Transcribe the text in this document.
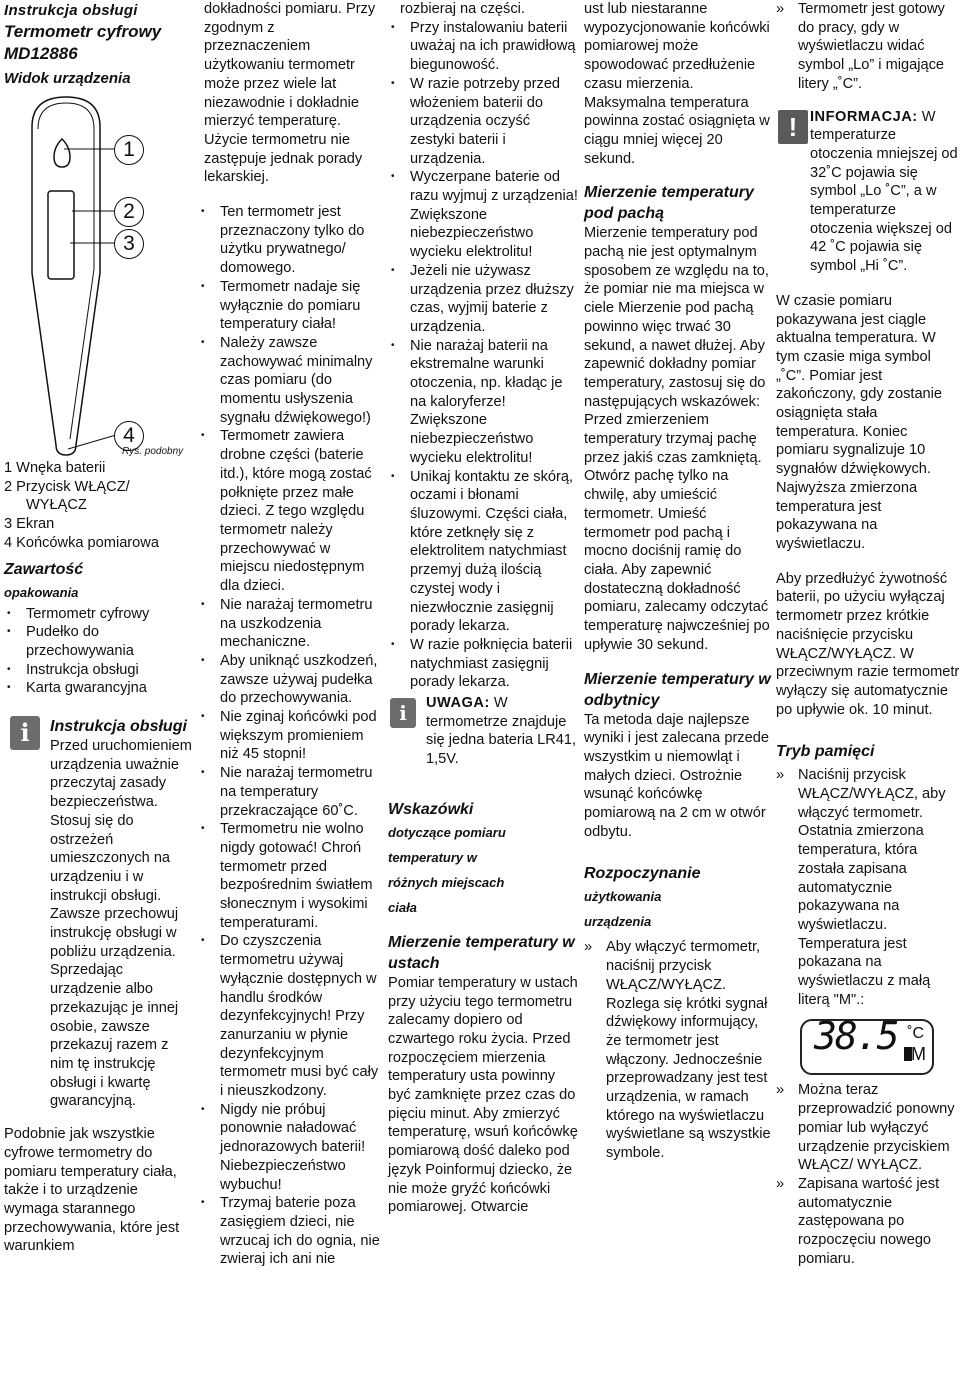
Instrukcja obsługi

Termometr cyfrowy

MD12886

Widok urządzenia

1
2
3
4
Rys. podobny

1 Wnęka baterii

2 Przycisk WŁĄCZ/

WYŁĄCZ

3 Ekran

4 Końcówka pomiarowa

Zawartość

opakowania

• Termometr cyfrowy
• Pudełko do przechowywania
• Instrukcja obsługi
• Karta gwarancyjna
i	Instrukcja obsługi

Przed uruchomieniem urządzenia uważnie przeczytaj zasady bezpieczeństwa. Stosuj się do ostrzeżeń umieszczonych na urządzeniu i w instrukcji obsługi. Zawsze przechowuj instrukcję obsługi w pobliżu urządzenia. Sprzedając urządzenie albo przekazując je innej osobie, zawsze przekazuj razem z nim tę instrukcję obsługi i kwartę gwarancyjną.

Podobnie jak wszystkie cyfrowe termometry do pomiaru temperatury ciała, także i to urządzenie wymaga starannego przechowywania, które jest warunkiem

dokładności pomiaru. Przy zgodnym z przeznaczeniem użytkowaniu termometr może przez wiele lat niezawodnie i dokładnie mierzyć temperaturę. Użycie termometru nie zastępuje jednak porady lekarskiej.

• Ten termometr jest przeznaczony tylko do użytku prywatnego/ domowego.
• Termometr nadaje się wyłącznie do pomiaru temperatury ciała!
• Należy zawsze zachowywać minimalny czas pomiaru (do momentu usłyszenia sygnału dźwiękowego!)
• Termometr zawiera drobne części (baterie itd.), które mogą zostać połknięte przez małe dzieci. Z tego względu termometr należy przechowywać w miejscu niedostępnym dla dzieci.
• Nie narażaj termometru na uszkodzenia mechaniczne.
• Aby uniknąć uszkodzeń, zawsze używaj pudełka do przechowywania.
• Nie zginaj końcówki pod większym promieniem niż 45 stopni!
• Nie narażaj termometru na temperatury przekraczające 60˚C.
• Termometru nie wolno nigdy gotować! Chroń termometr przed bezpośrednim światłem słonecznym i wysokimi temperaturami.
• Do czyszczenia termometru używaj wyłącznie dostępnych w handlu środków dezynfekcyjnych! Przy zanurzaniu w płynie dezynfekcyjnym termometr musi być cały i nieuszkodzony.
• Nigdy nie próbuj ponownie naładować jednorazowych baterii! Niebezpieczeństwo wybuchu!
• Trzymaj baterie poza zasięgiem dzieci, nie wrzucaj ich do ognia, nie zwieraj ich ani nie

rozbieraj na części.

• Przy instalowaniu baterii uważaj na ich prawidłową biegunowość.
• W razie potrzeby przed włożeniem baterii do urządzenia oczyść zestyki baterii i urządzenia.
• Wyczerpane baterie od razu wyjmuj z urządzenia! Zwiększone niebezpieczeństwo wycieku elektrolitu!
• Jeżeli nie używasz urządzenia przez dłuższy czas, wyjmij baterie z urządzenia.
• Nie narażaj baterii na ekstremalne warunki otoczenia, np. kładąc je na kaloryferze! Zwiększone niebezpieczeństwo wycieku elektrolitu!
• Unikaj kontaktu ze skórą, oczami i błonami śluzowymi. Części ciała, które zetknęły się z elektrolitem natychmiast przemyj dużą ilością czystej wody i niezwłocznie zasięgnij porady lekarza.
• W razie połknięcia baterii natychmiast zasięgnij porady lekarza.
i	UWAGA: W termometrze znajduje się jedna bateria LR41, 1,5V.

Wskazówki

dotyczące pomiaru

temperatury w

różnych miejscach

ciała

Mierzenie temperatury w ustach

Pomiar temperatury w ustach przy użyciu tego termometru zalecamy dopiero od czwartego roku życia. Przed rozpoczęciem mierzenia temperatury usta powinny być zamknięte przez czas do pięciu minut. Aby zmierzyć temperaturę, wsuń końcówkę pomiarową dość daleko pod język Poinformuj dziecko, że nie może gryźć końcówki pomiarowej. Otwarcie

ust lub niestaranne wypozycjonowanie końcówki pomiarowej może spowodować przedłużenie czasu mierzenia. Maksymalna temperatura powinna zostać osiągnięta w ciągu mniej więcej 20 sekund.

Mierzenie temperatury pod pachą

Mierzenie temperatury pod pachą nie jest optymalnym sposobem ze względu na to, że pomiar nie ma miejsca w ciele Mierzenie pod pachą powinno więc trwać 30 sekund, a nawet dłużej. Aby zapewnić dokładny pomiar temperatury, zastosuj się do następujących wskazówek: Przed zmierzeniem temperatury trzymaj pachę przez jakiś czas zamkniętą. Otwórz pachę tylko na chwilę, aby umieścić termometr. Umieść termometr pod pachą i mocno dociśnij ramię do ciała. Aby zapewnić dostateczną dokładność pomiaru, zalecamy odczytać temperaturę najwcześniej po upływie 30 sekund.

Mierzenie temperatury w odbytnicy

Ta metoda daje najlepsze wyniki i jest zalecana przede wszystkim u niemowląt i małych dzieci. Ostrożnie wsunąć końcówkę pomiarową na 2 cm w otwór odbytu.

Rozpoczynanie

użytkowania

urządzenia

» Aby włączyć termometr, naciśnij przycisk WŁĄCZ/WYŁĄCZ. Rozlega się krótki sygnał dźwiękowy informujący, że termometr jest włączony. Jednocześnie przeprowadzany jest test urządzenia, w ramach którego na wyświetlaczu wyświetlane są wszystkie symbole.
» Termometr jest gotowy do pracy, gdy w wyświetlaczu widać symbol „Lo” i migające litery „˚C”.
! INFORMACJA: W temperaturze otoczenia mniejszej od 32˚C pojawia się symbol „Lo ˚C”, a w temperaturze otoczenia większej od 42 ˚C pojawia się symbol „Hi ˚C”.

W czasie pomiaru pokazywana jest ciągle aktualna temperatura. W tym czasie miga symbol „˚C”. Pomiar jest zakończony, gdy zostanie osiągnięta stała temperatura. Koniec pomiaru sygnalizuje 10 sygnałów dźwiękowych. Najwyższa zmierzona temperatura jest pokazywana na wyświetlaczu.

Aby przedłużyć żywotność baterii, po użyciu wyłączaj termometr przez krótkie naciśnięcie przycisku WŁĄCZ/WYŁĄCZ. W przeciwnym razie termometr wyłączy się automatycznie po upływie ok. 10 minut.

Tryb pamięci

» Naciśnij przycisk WŁĄCZ/WYŁĄCZ, aby włączyć termometr. Ostatnia zmierzona temperatura, która została zapisana automatycznie pokazywana na wyświetlaczu. Temperatura jest pokazana na wyświetlaczu z małą literą "M".:
38.5 ˚C
M
» Można teraz przeprowadzić ponowny pomiar lub wyłączyć urządzenie przyciskiem WŁĄCZ/ WYŁĄCZ.
» Zapisana wartość jest automatycznie zastępowana po rozpoczęciu nowego pomiaru.
